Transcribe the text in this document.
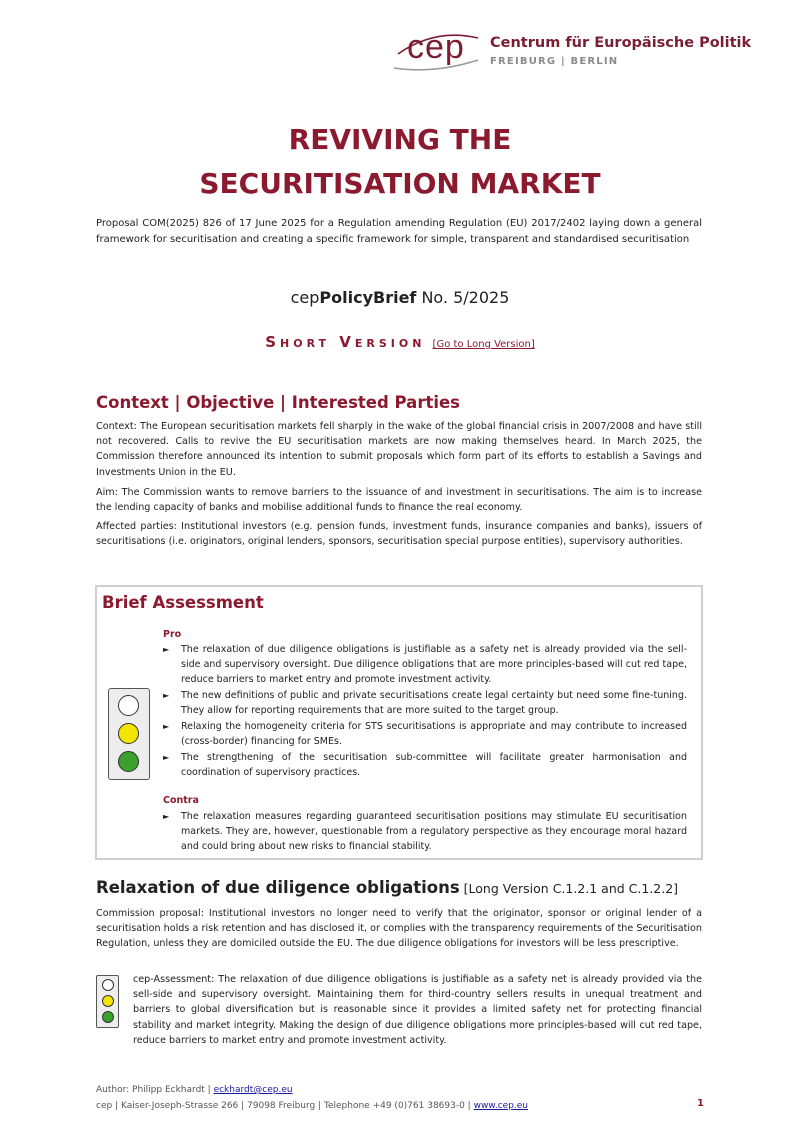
cep Centrum für Europäische Politik
FREIBURG | BERLIN
REVIVING THE
SECURITISATION MARKET
Proposal COM(2025) 826 of 17 June 2025 for a Regulation amending Regulation (EU) 2017/2402 laying down a general framework for securitisation and creating a specific framework for simple, transparent and standardised securitisation
cepPolicyBrief No. 5/2025
Short Version [Go to Long Version]
Context | Objective | Interested Parties
Context: The European securitisation markets fell sharply in the wake of the global financial crisis in 2007/2008 and have still not recovered. Calls to revive the EU securitisation markets are now making themselves heard. In March 2025, the Commission therefore announced its intention to submit proposals which form part of its efforts to establish a Savings and Investments Union in the EU.
Aim: The Commission wants to remove barriers to the issuance of and investment in securitisations. The aim is to increase the lending capacity of banks and mobilise additional funds to finance the real economy.
Affected parties: Institutional investors (e.g. pension funds, investment funds, insurance companies and banks), issuers of securitisations (i.e. originators, original lenders, sponsors, securitisation special purpose entities), supervisory authorities.
Brief Assessment
Pro
► The relaxation of due diligence obligations is justifiable as a safety net is already provided via the sell-side and supervisory oversight. Due diligence obligations that are more principles-based will cut red tape, reduce barriers to market entry and promote investment activity.
► The new definitions of public and private securitisations create legal certainty but need some fine-tuning. They allow for reporting requirements that are more suited to the target group.
► Relaxing the homogeneity criteria for STS securitisations is appropriate and may contribute to increased (cross-border) financing for SMEs.
► The strengthening of the securitisation sub-committee will facilitate greater harmonisation and coordination of supervisory practices.
Contra
► The relaxation measures regarding guaranteed securitisation positions may stimulate EU securitisation markets. They are, however, questionable from a regulatory perspective as they encourage moral hazard and could bring about new risks to financial stability.
Relaxation of due diligence obligations [Long Version C.1.2.1 and C.1.2.2]
Commission proposal: Institutional investors no longer need to verify that the originator, sponsor or original lender of a securitisation holds a risk retention and has disclosed it, or complies with the transparency requirements of the Securitisation Regulation, unless they are domiciled outside the EU. The due diligence obligations for investors will be less prescriptive.
cep-Assessment: The relaxation of due diligence obligations is justifiable as a safety net is already provided via the sell-side and supervisory oversight. Maintaining them for third-country sellers results in unequal treatment and barriers to global diversification but is reasonable since it provides a limited safety net for protecting financial stability and market integrity. Making the design of due diligence obligations more principles-based will cut red tape, reduce barriers to market entry and promote investment activity.
Author: Philipp Eckhardt | eckhardt@cep.eu
cep | Kaiser-Joseph-Strasse 266 | 79098 Freiburg | Telephone +49 (0)761 38693-0 | www.cep.eu	1
